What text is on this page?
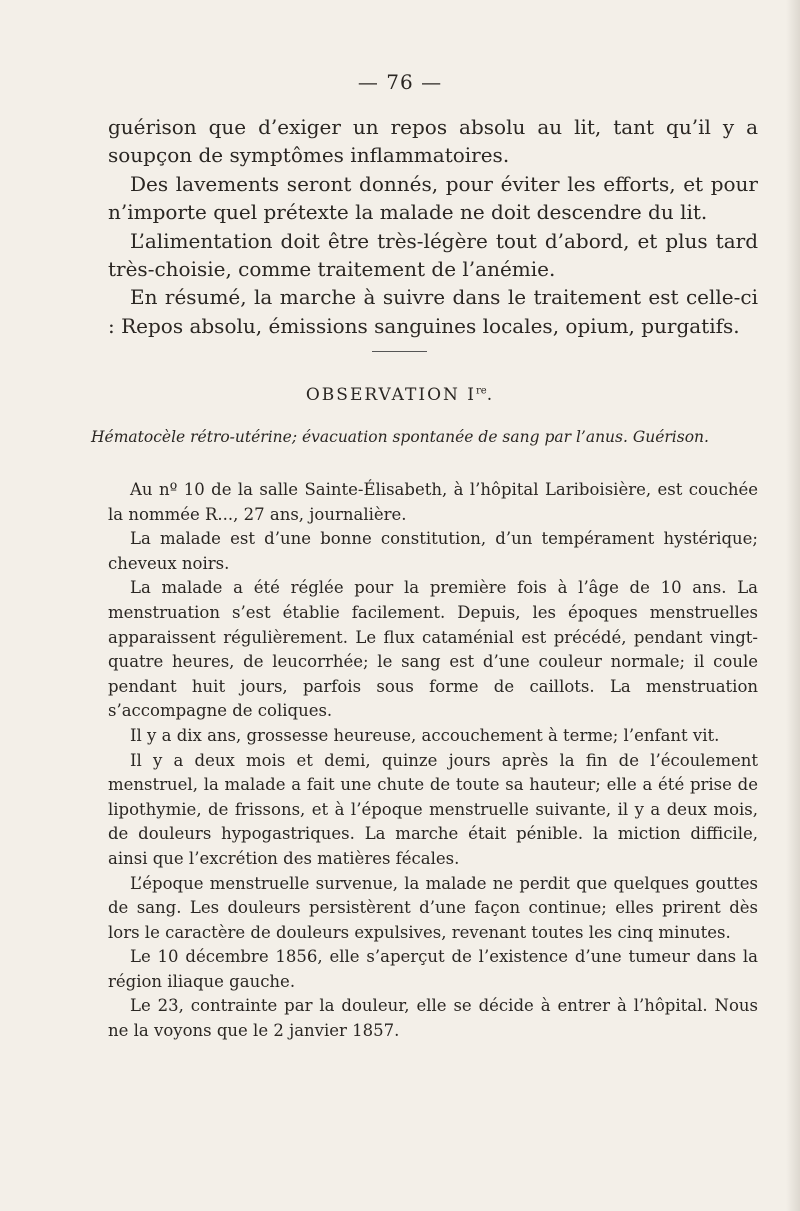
— 76 —

guérison que d’exiger un repos absolu au lit, tant qu’il y a soupçon de symptômes inflammatoires.

Des lavements seront donnés, pour éviter les efforts, et pour n’importe quel prétexte la malade ne doit descendre du lit.

L’alimentation doit être très-légère tout d’abord, et plus tard très-choisie, comme traitement de l’anémie.

En résumé, la marche à suivre dans le traitement est celle-ci : Repos absolu, émissions sanguines locales, opium, purgatifs.

OBSERVATION Ire.
Hématocèle rétro-utérine; évacuation spontanée de sang par l’anus. Guérison.

Au nº 10 de la salle Sainte-Élisabeth, à l’hôpital Lariboisière, est couchée la nommée R..., 27 ans, journalière.

La malade est d’une bonne constitution, d’un tempérament hystérique; cheveux noirs.

La malade a été réglée pour la première fois à l’âge de 10 ans. La menstruation s’est établie facilement. Depuis, les époques menstruelles apparaissent régulièrement. Le flux cataménial est précédé, pendant vingt-quatre heures, de leucorrhée; le sang est d’une couleur normale; il coule pendant huit jours, parfois sous forme de caillots. La menstruation s’accompagne de coliques.

Il y a dix ans, grossesse heureuse, accouchement à terme; l’enfant vit.

Il y a deux mois et demi, quinze jours après la fin de l’écoulement menstruel, la malade a fait une chute de toute sa hauteur; elle a été prise de lipothymie, de frissons, et à l’époque menstruelle suivante, il y a deux mois, de douleurs hypogastriques. La marche était pénible. la miction difficile, ainsi que l’excrétion des matières fécales.

L’époque menstruelle survenue, la malade ne perdit que quelques gouttes de sang. Les douleurs persistèrent d’une façon continue; elles prirent dès lors le caractère de douleurs expulsives, revenant toutes les cinq minutes.

Le 10 décembre 1856, elle s’aperçut de l’existence d’une tumeur dans la région iliaque gauche.

Le 23, contrainte par la douleur, elle se décide à entrer à l’hôpital. Nous ne la voyons que le 2 janvier 1857.
